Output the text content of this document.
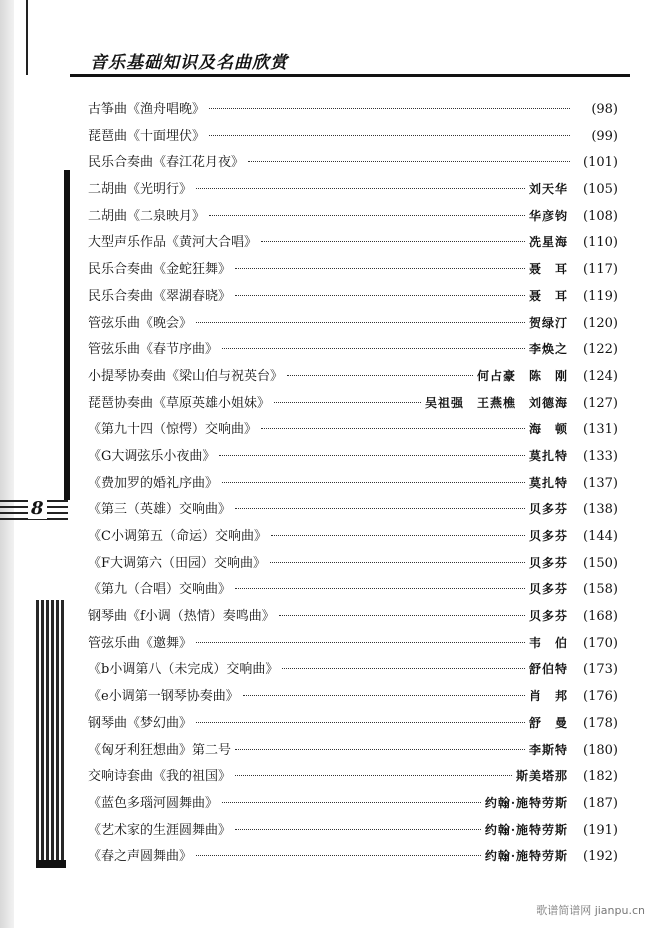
8
音乐基础知识及名曲欣赏
古筝曲《渔舟唱晚》	(98)
琵琶曲《十面埋伏》	(99)
民乐合奏曲《春江花月夜》	(101)
二胡曲《光明行》	刘天华	(105)
二胡曲《二泉映月》	华彦钧	(108)
大型声乐作品《黄河大合唱》	冼星海	(110)
民乐合奏曲《金蛇狂舞》	聂　耳	(117)
民乐合奏曲《翠湖春晓》	聂　耳	(119)
管弦乐曲《晚会》	贺绿汀	(120)
管弦乐曲《春节序曲》	李焕之	(122)
小提琴协奏曲《梁山伯与祝英台》	何占豪　陈　刚	(124)
琵琶协奏曲《草原英雄小姐妹》	吴祖强　王燕樵　刘德海	(127)
《第九十四（惊愕）交响曲》	海　顿	(131)
《G大调弦乐小夜曲》	莫扎特	(133)
《费加罗的婚礼序曲》	莫扎特	(137)
《第三（英雄）交响曲》	贝多芬	(138)
《C小调第五（命运）交响曲》	贝多芬	(144)
《F大调第六（田园）交响曲》	贝多芬	(150)
《第九（合唱）交响曲》	贝多芬	(158)
钢琴曲《f小调（热情）奏鸣曲》	贝多芬	(168)
管弦乐曲《邀舞》	韦　伯	(170)
《b小调第八（未完成）交响曲》	舒伯特	(173)
《e小调第一钢琴协奏曲》	肖　邦	(176)
钢琴曲《梦幻曲》	舒　曼	(178)
《匈牙利狂想曲》第二号	李斯特	(180)
交响诗套曲《我的祖国》	斯美塔那	(182)
《蓝色多瑙河圆舞曲》	约翰·施特劳斯	(187)
《艺术家的生涯圆舞曲》	约翰·施特劳斯	(191)
《春之声圆舞曲》	约翰·施特劳斯	(192)
歌谱简谱网 jianpu.cn
